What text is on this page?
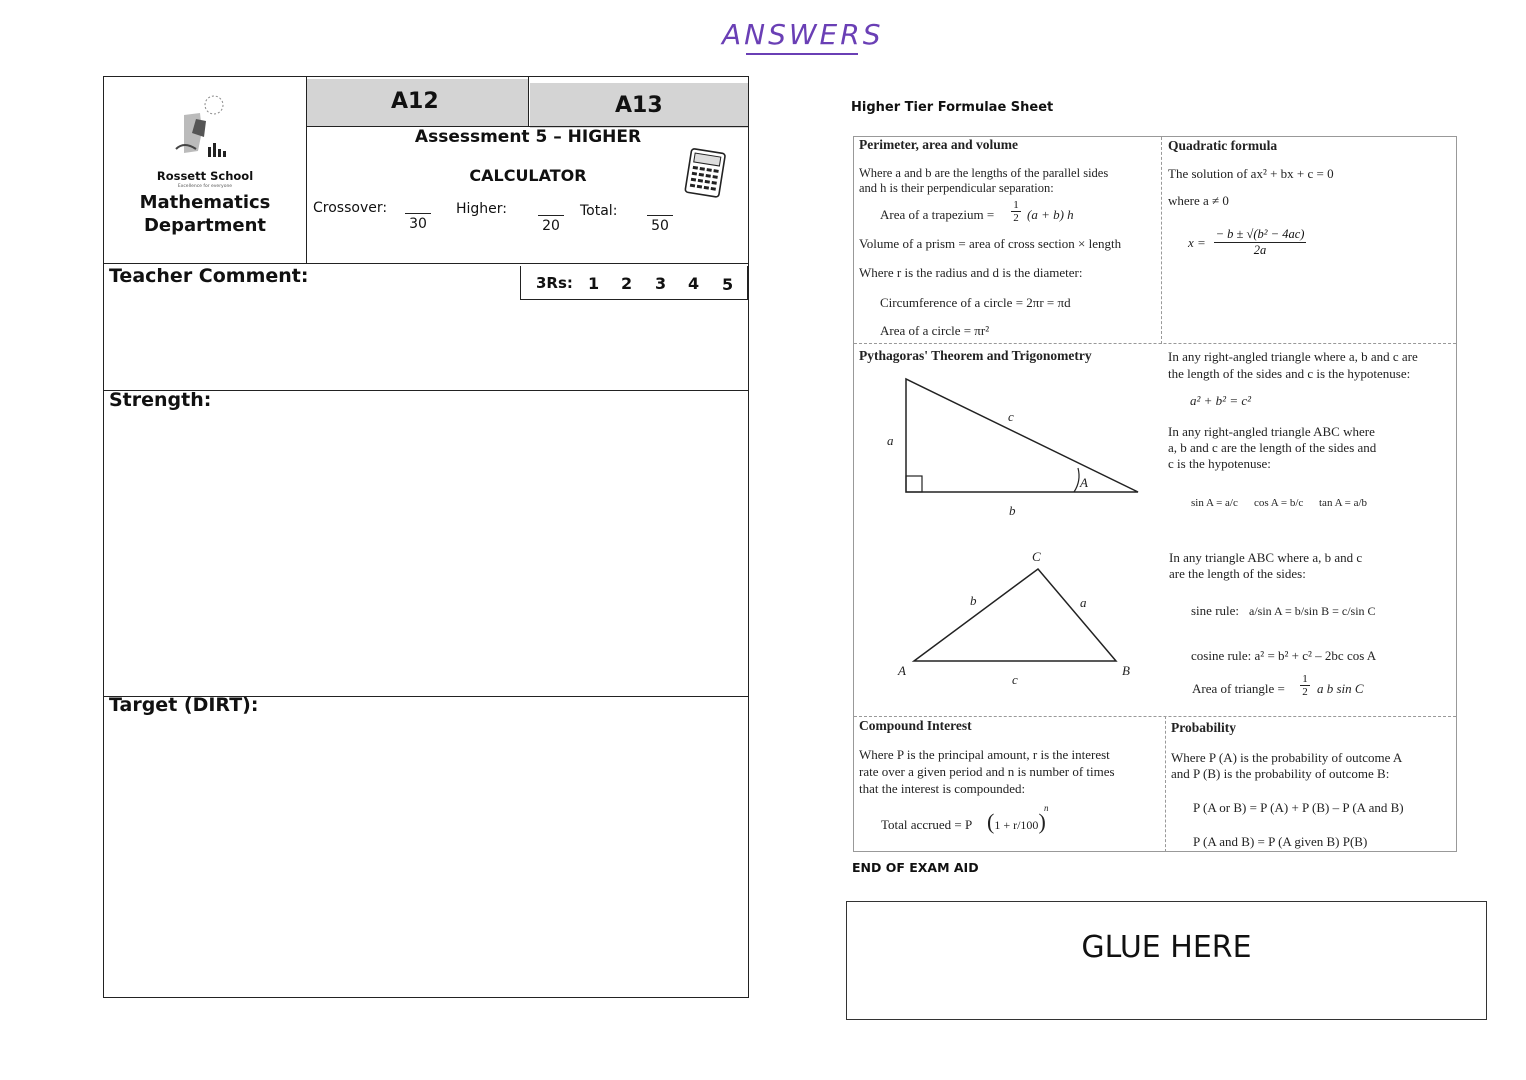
ANSWERS
Rossett School
Excellence for everyone
Mathematics
Department
A12	A13
Assessment 5 – HIGHER
CALCULATOR
Crossover:
30
Higher:
20
Total:
50
3Rs: 1 2 3 4 5
Teacher Comment:
Strength:
Target (DIRT):
Higher Tier Formulae Sheet
Perimeter, area and volume
Where a and b are the lengths of the parallel sides
and h is their perpendicular separation:
Area of a trapezium =
1
2 (a + b) h
Volume of a prism = area of cross section × length
Where r is the radius and d is the diameter:
Circumference of a circle = 2πr = πd
Area of a circle = πr²
Quadratic formula
The solution of ax² + bx + c = 0
where a ≠ 0
x =
− b ± √(b² − 4ac)
2a
Pythagoras' Theorem and Trigonometry
a
c
b
A
C
b	a
A
c
B
In any right-angled triangle where a, b and c are
the length of the sides and c is the hypotenuse:
a² + b² = c²
In any right-angled triangle ABC where
a, b and c are the length of the sides and
c is the hypotenuse:
sin A = a/c cos A = b/c tan A = a/b
In any triangle ABC where a, b and c
are the length of the sides:
sine rule: a/sin A = b/sin B = c/sin C
cosine rule: a² = b² + c² – 2bc cos A
Area of triangle =
1
2 a b sin C
Compound Interest
Where P is the principal amount, r is the interest
rate over a given period and n is number of times
that the interest is compounded:
Total accrued = P (1 + r/100)
n
Probability
Where P (A) is the probability of outcome A
and P (B) is the probability of outcome B:
P (A or B) = P (A) + P (B) – P (A and B)
P (A and B) = P (A given B) P(B)
END OF EXAM AID
GLUE HERE
